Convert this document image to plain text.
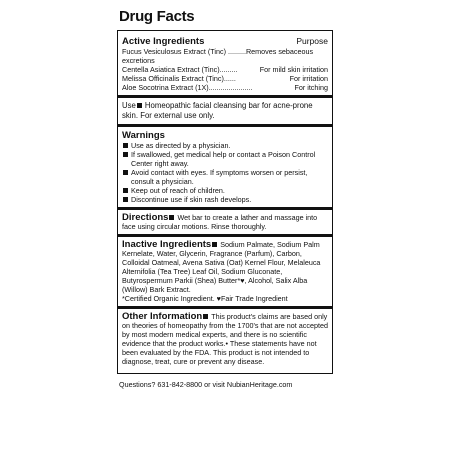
Drug Facts
Active Ingredients	Purpose
Fucus Vesiculosus Extract (Tinc) .........Removes sebaceous excretions
Centella Asiatica Extract (Tinc) .........	For mild skin irritation
Melissa Officinalis Extract (Tinc) ......	For irritation
Aloe Socotrina Extract (1X) ......................	For itching
Use Homeopathic facial cleansing bar for acne-prone skin. For external use only.
Warnings
Use as directed by a physician.
If swallowed, get medical help or contact a Poison Control Center right away.
Avoid contact with eyes. If symptoms worsen or persist, consult a physician.
Keep out of reach of children.
Discontinue use if skin rash develops.
Directions Wet bar to create a lather and massage into face using circular motions. Rinse thoroughly.
Inactive Ingredients Sodium Palmate, Sodium Palm Kernelate, Water, Glycerin, Fragrance (Parfum), Carbon, Colloidal Oatmeal, Avena Sativa (Oat) Kernel Flour, Melaleuca Alternifolia (Tea Tree) Leaf Oil, Sodium Gluconate, Butyrospermum Parkii (Shea) Butter*♥, Alcohol, Salix Alba (Willow) Bark Extract.
*Certified Organic Ingredient. ♥Fair Trade Ingredient
Other Information This product's claims are based only on theories of homeopathy from the 1700's that are not accepted by most modern medical experts, and there is no scientific evidence that the product works.• These statements have not been evaluated by the FDA. This product is not intended to diagnose, treat, cure or prevent any disease.
Questions? 631-842-8800 or visit NubianHeritage.com
